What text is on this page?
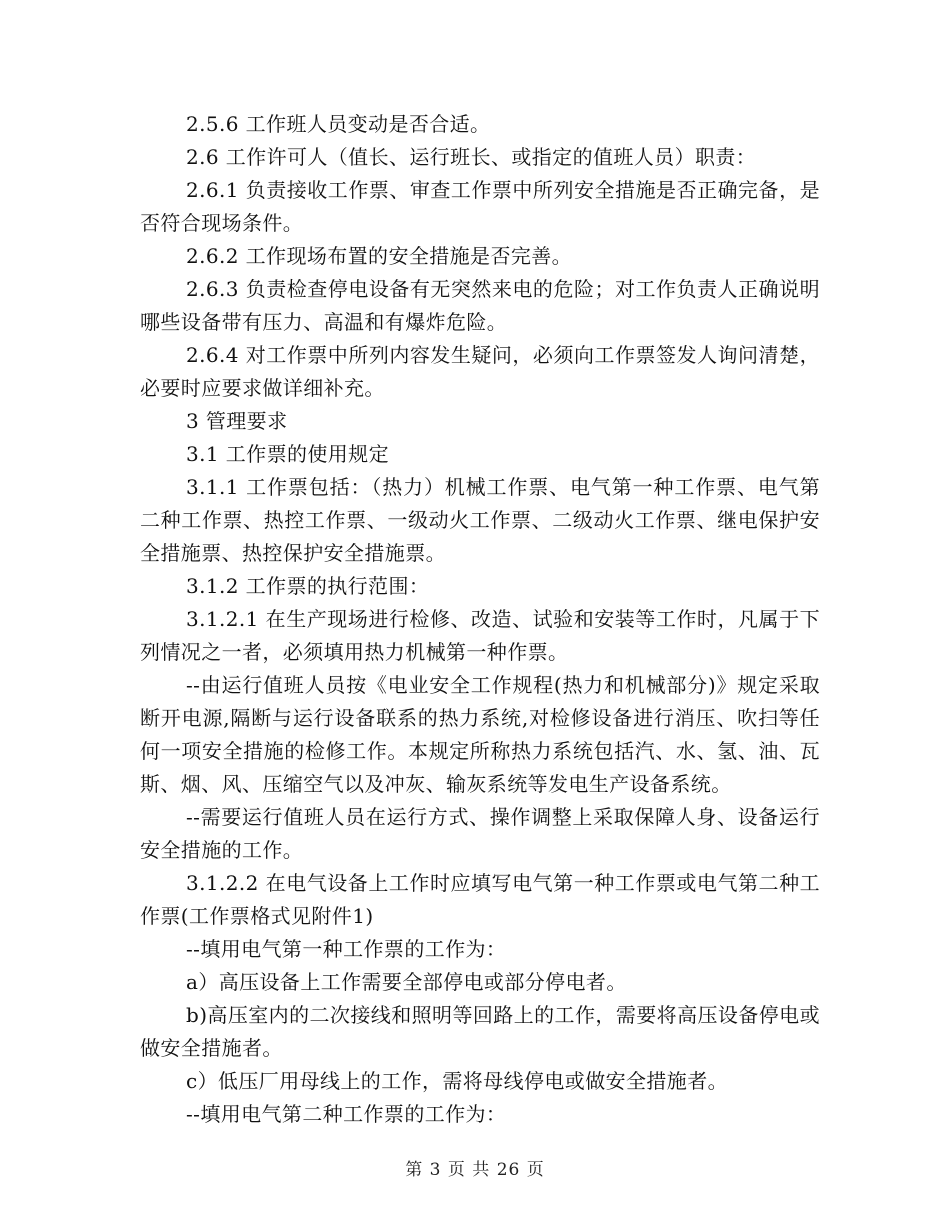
2.5.6 工作班人员变动是否合适。

2.6 工作许可人（值长、运行班长、或指定的值班人员）职责：

2.6.1 负责接收工作票、审查工作票中所列安全措施是否正确完备，是否符合现场条件。

2.6.2 工作现场布置的安全措施是否完善。

2.6.3 负责检查停电设备有无突然来电的危险；对工作负责人正确说明哪些设备带有压力、高温和有爆炸危险。

2.6.4 对工作票中所列内容发生疑问，必须向工作票签发人询问清楚，必要时应要求做详细补充。

3 管理要求

3.1 工作票的使用规定

3.1.1 工作票包括：（热力）机械工作票、电气第一种工作票、电气第二种工作票、热控工作票、一级动火工作票、二级动火工作票、继电保护安全措施票、热控保护安全措施票。

3.1.2 工作票的执行范围：

3.1.2.1 在生产现场进行检修、改造、试验和安装等工作时，凡属于下列情况之一者，必须填用热力机械第一种作票。

--由运行值班人员按《电业安全工作规程(热力和机械部分)》规定采取断开电源,隔断与运行设备联系的热力系统,对检修设备进行消压、吹扫等任何一项安全措施的检修工作。本规定所称热力系统包括汽、水、氢、油、瓦斯、烟、风、压缩空气以及冲灰、输灰系统等发电生产设备系统。

--需要运行值班人员在运行方式、操作调整上采取保障人身、设备运行安全措施的工作。

3.1.2.2 在电气设备上工作时应填写电气第一种工作票或电气第二种工作票(工作票格式见附件1)

--填用电气第一种工作票的工作为：

a）高压设备上工作需要全部停电或部分停电者。

b)高压室内的二次接线和照明等回路上的工作，需要将高压设备停电或做安全措施者。

c）低压厂用母线上的工作，需将母线停电或做安全措施者。

--填用电气第二种工作票的工作为：

第 3 页 共 26 页
